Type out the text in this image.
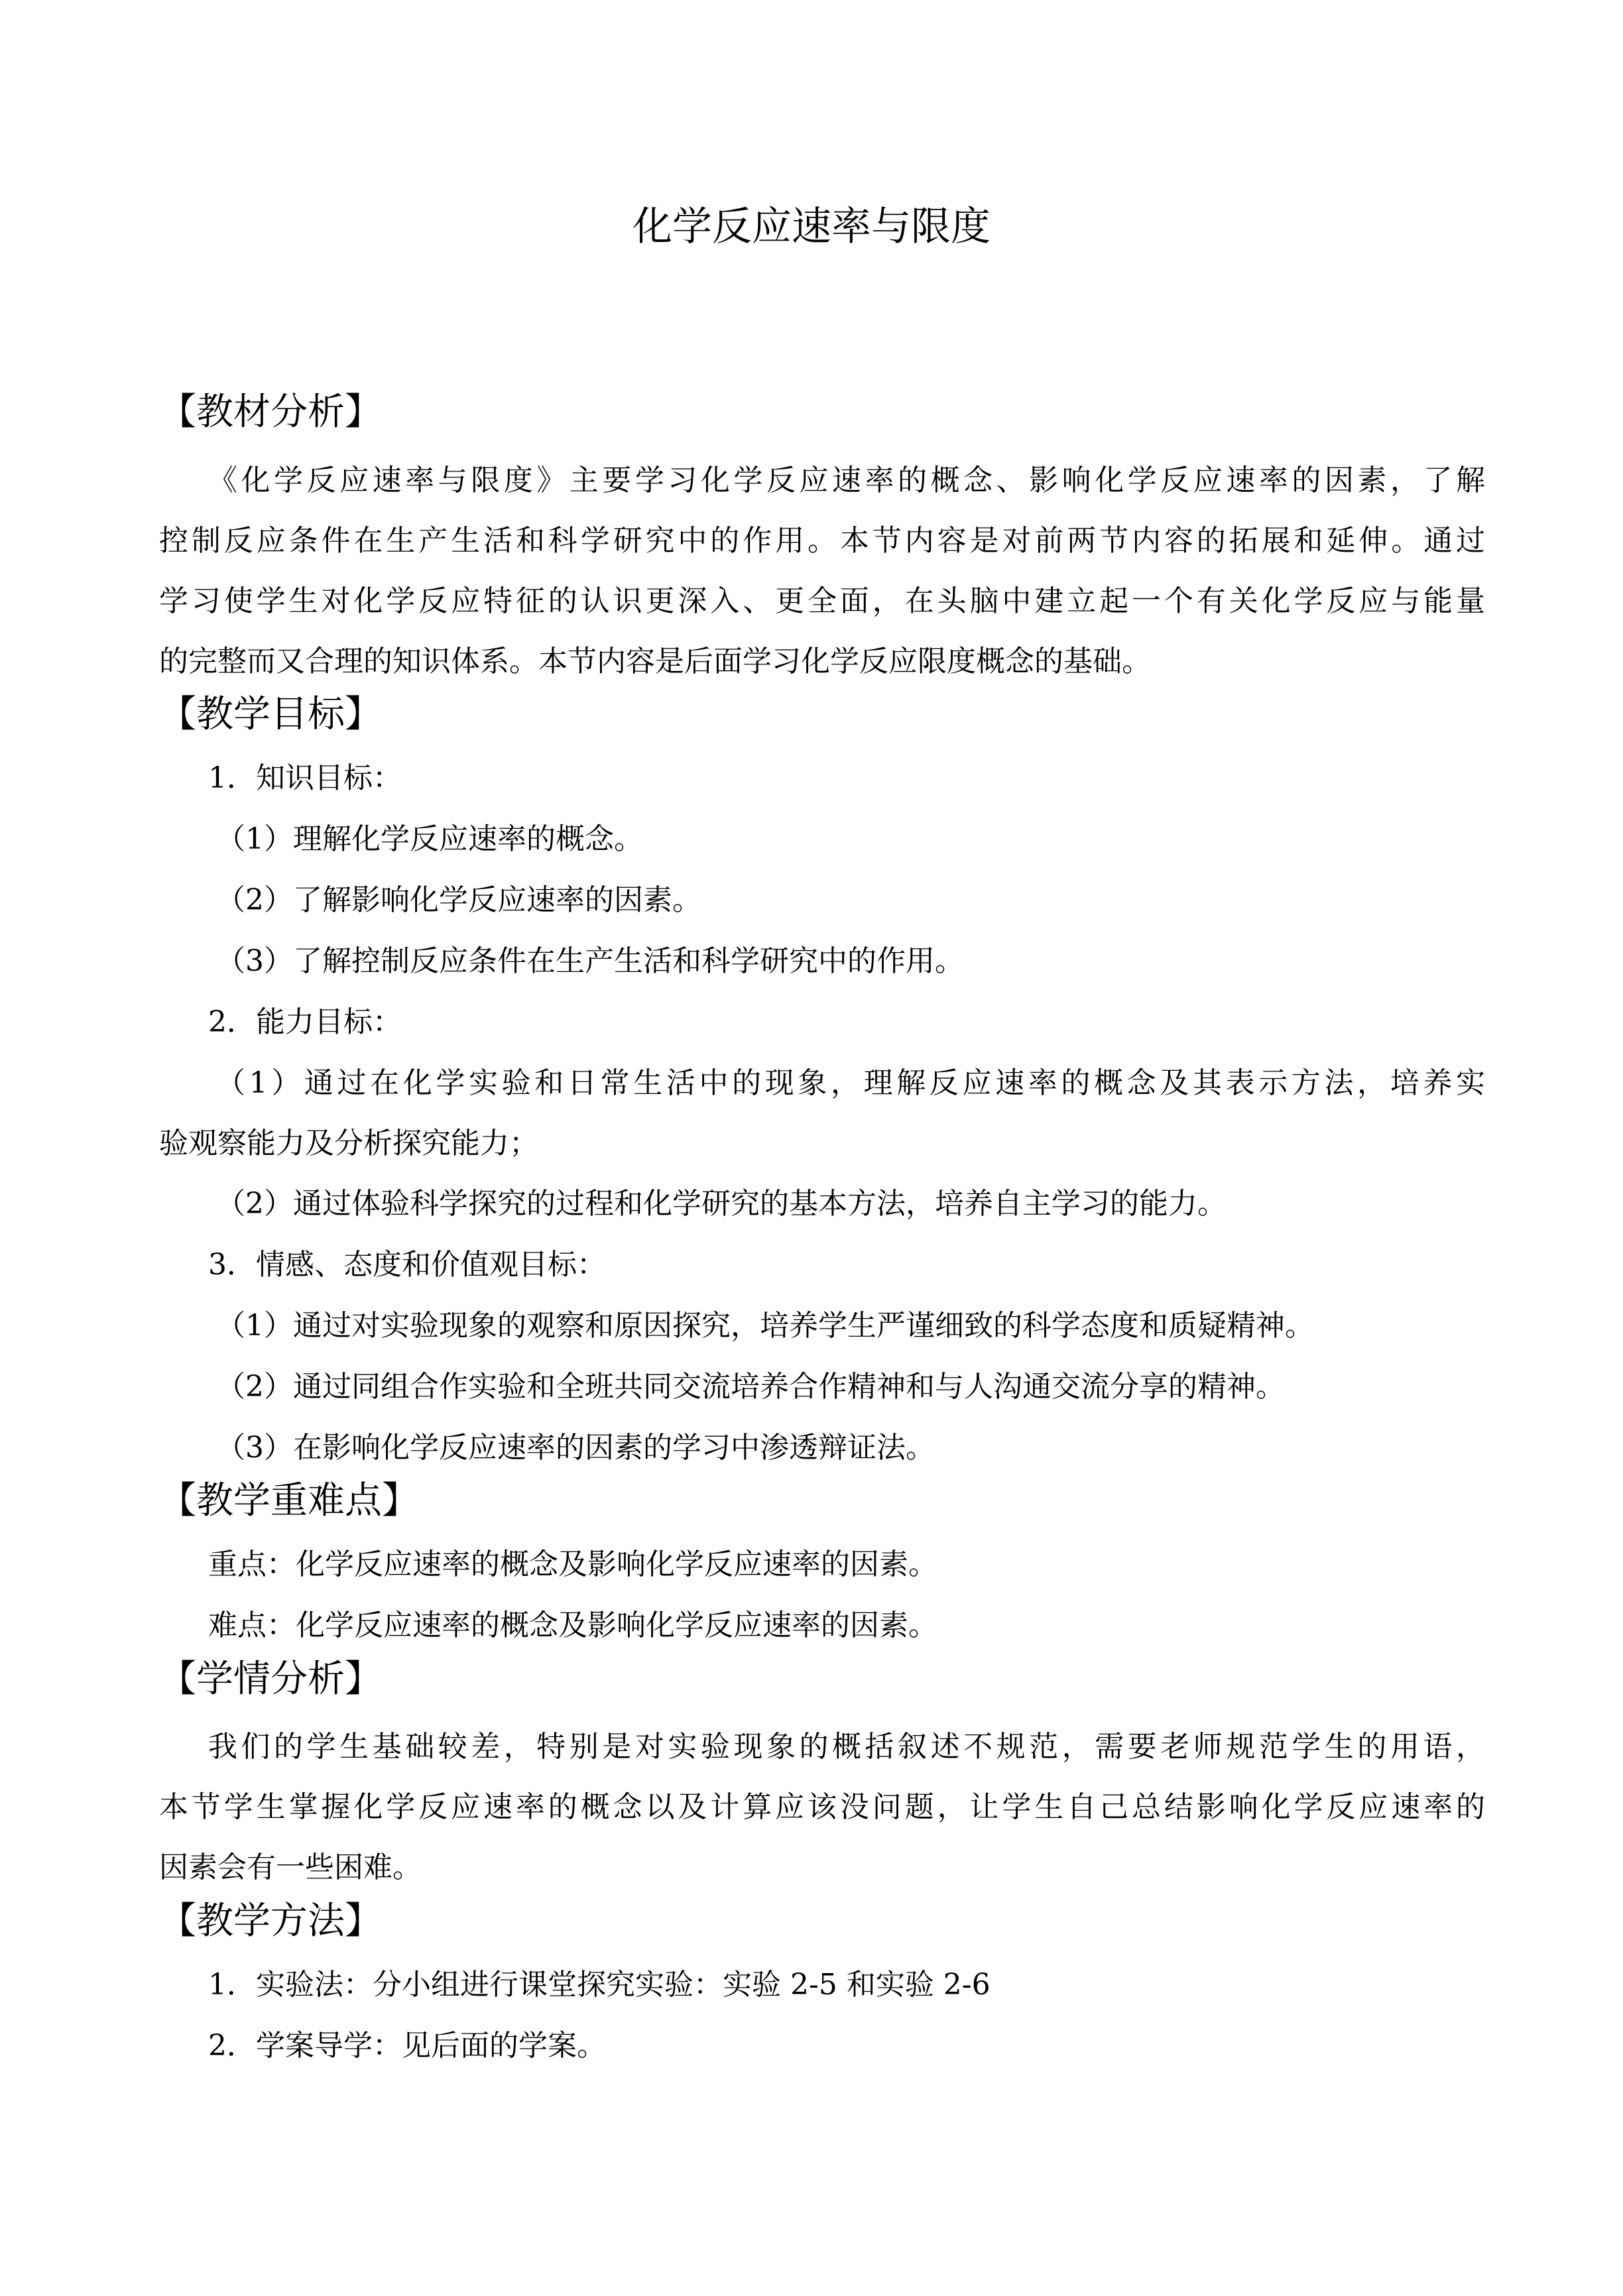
化学反应速率与限度
【教材分析】
《化学反应速率与限度》主要学习化学反应速率的概念、影响化学反应速率的因素，了解
控制反应条件在生产生活和科学研究中的作用。本节内容是对前两节内容的拓展和延伸。通过
学习使学生对化学反应特征的认识更深入、更全面，在头脑中建立起一个有关化学反应与能量
的完整而又合理的知识体系。本节内容是后面学习化学反应限度概念的基础。
【教学目标】
1．知识目标：
（1）理解化学反应速率的概念。
（2）了解影响化学反应速率的因素。
（3）了解控制反应条件在生产生活和科学研究中的作用。
2．能力目标：
（1）通过在化学实验和日常生活中的现象，理解反应速率的概念及其表示方法，培养实
验观察能力及分析探究能力；
（2）通过体验科学探究的过程和化学研究的基本方法，培养自主学习的能力。
3．情感、态度和价值观目标：
（1）通过对实验现象的观察和原因探究，培养学生严谨细致的科学态度和质疑精神。
（2）通过同组合作实验和全班共同交流培养合作精神和与人沟通交流分享的精神。
（3）在影响化学反应速率的因素的学习中渗透辩证法。
【教学重难点】
重点：化学反应速率的概念及影响化学反应速率的因素。
难点：化学反应速率的概念及影响化学反应速率的因素。
【学情分析】
我们的学生基础较差，特别是对实验现象的概括叙述不规范，需要老师规范学生的用语，
本节学生掌握化学反应速率的概念以及计算应该没问题，让学生自己总结影响化学反应速率的
因素会有一些困难。
【教学方法】
1．实验法：分小组进行课堂探究实验：实验 2-5 和实验 2-6
2．学案导学：见后面的学案。
